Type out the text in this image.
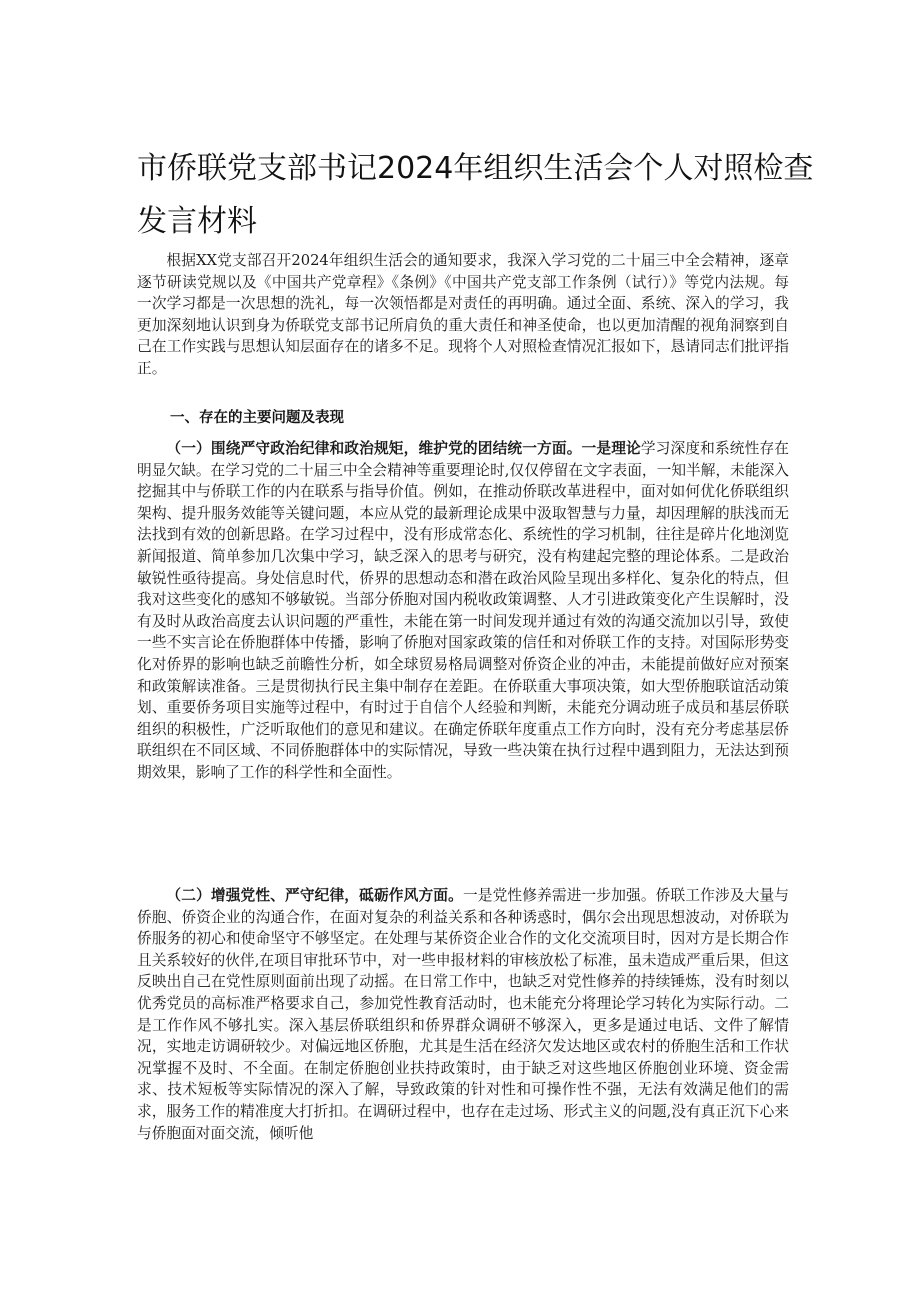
市侨联党支部书记2024年组织生活会个人对照检查
发言材料

根据XX党支部召开2024年组织生活会的通知要求，我深入学习党的二十届三中全会精神，逐章逐节研读党规以及《中国共产党章程》《条例》《中国共产党支部工作条例（试行）》等党内法规。每一次学习都是一次思想的洗礼，每一次领悟都是对责任的再明确。通过全面、系统、深入的学习，我更加深刻地认识到身为侨联党支部书记所肩负的重大责任和神圣使命，也以更加清醒的视角洞察到自己在工作实践与思想认知层面存在的诸多不足。现将个人对照检查情况汇报如下，恳请同志们批评指正。

一、存在的主要问题及表现

（一）围绕严守政治纪律和政治规矩，维护党的团结统一方面。一是理论学习深度和系统性存在明显欠缺。在学习党的二十届三中全会精神等重要理论时,仅仅停留在文字表面，一知半解，未能深入挖掘其中与侨联工作的内在联系与指导价值。例如，在推动侨联改革进程中，面对如何优化侨联组织架构、提升服务效能等关键问题，本应从党的最新理论成果中汲取智慧与力量，却因理解的肤浅而无法找到有效的创新思路。在学习过程中，没有形成常态化、系统性的学习机制，往往是碎片化地浏览新闻报道、简单参加几次集中学习，缺乏深入的思考与研究，没有构建起完整的理论体系。二是政治敏锐性亟待提高。身处信息时代，侨界的思想动态和潜在政治风险呈现出多样化、复杂化的特点，但我对这些变化的感知不够敏锐。当部分侨胞对国内税收政策调整、人才引进政策变化产生误解时，没有及时从政治高度去认识问题的严重性，未能在第一时间发现并通过有效的沟通交流加以引导，致使一些不实言论在侨胞群体中传播，影响了侨胞对国家政策的信任和对侨联工作的支持。对国际形势变化对侨界的影响也缺乏前瞻性分析，如全球贸易格局调整对侨资企业的冲击，未能提前做好应对预案和政策解读准备。三是贯彻执行民主集中制存在差距。在侨联重大事项决策，如大型侨胞联谊活动策划、重要侨务项目实施等过程中，有时过于自信个人经验和判断，未能充分调动班子成员和基层侨联组织的积极性，广泛听取他们的意见和建议。在确定侨联年度重点工作方向时，没有充分考虑基层侨联组织在不同区域、不同侨胞群体中的实际情况，导致一些决策在执行过程中遇到阻力，无法达到预期效果，影响了工作的科学性和全面性。

（二）增强党性、严守纪律，砥砺作风方面。一是党性修养需进一步加强。侨联工作涉及大量与侨胞、侨资企业的沟通合作，在面对复杂的利益关系和各种诱惑时，偶尔会出现思想波动，对侨联为侨服务的初心和使命坚守不够坚定。在处理与某侨资企业合作的文化交流项目时，因对方是长期合作且关系较好的伙伴,在项目审批环节中，对一些申报材料的审核放松了标准，虽未造成严重后果，但这反映出自己在党性原则面前出现了动摇。在日常工作中，也缺乏对党性修养的持续锤炼，没有时刻以优秀党员的高标准严格要求自己，参加党性教育活动时，也未能充分将理论学习转化为实际行动。二是工作作风不够扎实。深入基层侨联组织和侨界群众调研不够深入，更多是通过电话、文件了解情况，实地走访调研较少。对偏远地区侨胞，尤其是生活在经济欠发达地区或农村的侨胞生活和工作状况掌握不及时、不全面。在制定侨胞创业扶持政策时，由于缺乏对这些地区侨胞创业环境、资金需求、技术短板等实际情况的深入了解，导致政策的针对性和可操作性不强，无法有效满足他们的需求，服务工作的精准度大打折扣。在调研过程中，也存在走过场、形式主义的问题,没有真正沉下心来与侨胞面对面交流，倾听他
